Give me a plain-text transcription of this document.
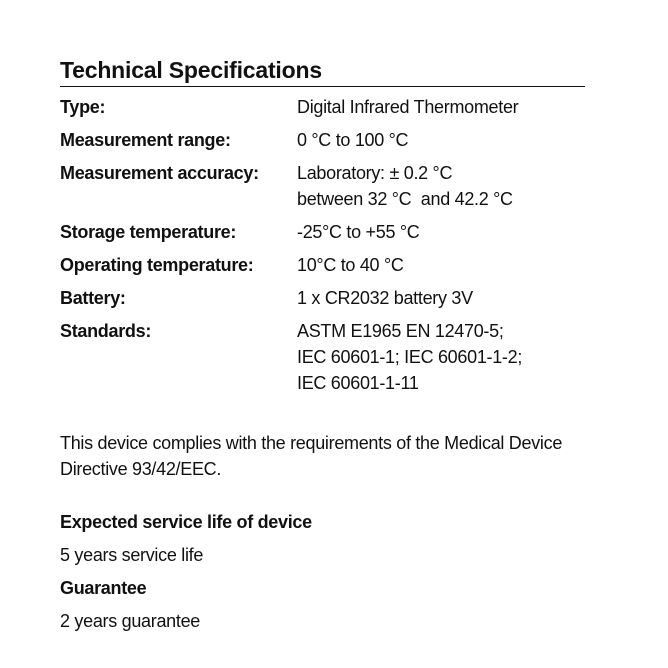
Technical Specifications
Type:	Digital Infrared Thermometer
Measurement range:	0 °C to 100 °C
Measurement accuracy:	Laboratory: ± 0.2 °C
between 32 °C  and 42.2 °C
Storage temperature:	-25°C to +55 °C
Operating temperature:	10°C to 40 °C
Battery:	1 x CR2032 battery 3V
Standards:	ASTM E1965 EN 12470-5;
IEC 60601-1; IEC 60601-1-2;
IEC 60601-1-11
This device complies with the requirements of the Medical Device
Directive 93/42/EEC.
Expected service life of device
5 years service life
Guarantee
2 years guarantee
